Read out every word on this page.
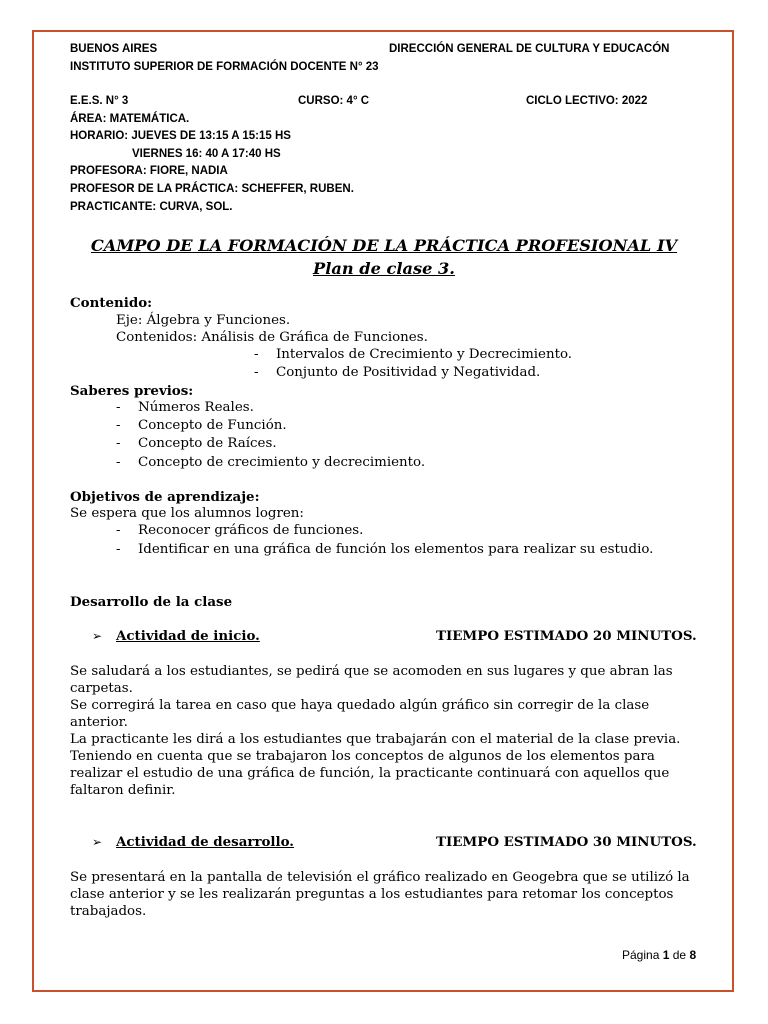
BUENOS AIRES	DIRECCIÓN GENERAL DE CULTURA Y EDUCACÓN
INSTITUTO SUPERIOR DE FORMACIÓN DOCENTE N° 23
E.E.S. N° 3	CURSO: 4° C	CICLO LECTIVO: 2022
ÁREA: MATEMÁTICA.
HORARIO: JUEVES DE 13:15 A 15:15 HS
VIERNES 16: 40 A 17:40 HS
PROFESORA: FIORE, NADIA
PROFESOR DE LA PRÁCTICA: SCHEFFER, RUBEN.
PRACTICANTE: CURVA, SOL.
CAMPO DE LA FORMACIÓN DE LA PRÁCTICA PROFESIONAL IV
Plan de clase 3.
Contenido:
Eje: Álgebra y Funciones.
Contenidos: Análisis de Gráfica de Funciones.
- Intervalos de Crecimiento y Decrecimiento.
- Conjunto de Positividad y Negatividad.
Saberes previos:
- Números Reales.
- Concepto de Función.
- Concepto de Raíces.
- Concepto de crecimiento y decrecimiento.
Objetivos de aprendizaje:
Se espera que los alumnos logren:
- Reconocer gráficos de funciones.
- Identificar en una gráfica de función los elementos para realizar su estudio.
Desarrollo de la clase
➢ Actividad de inicio.	TIEMPO ESTIMADO 20 MINUTOS.
Se saludará a los estudiantes, se pedirá que se acomoden en sus lugares y que abran las
carpetas.
Se corregirá la tarea en caso que haya quedado algún gráfico sin corregir de la clase
anterior.
La practicante les dirá a los estudiantes que trabajarán con el material de la clase previa.
Teniendo en cuenta que se trabajaron los conceptos de algunos de los elementos para
realizar el estudio de una gráfica de función, la practicante continuará con aquellos que
faltaron definir.
➢ Actividad de desarrollo.	TIEMPO ESTIMADO 30 MINUTOS.
Se presentará en la pantalla de televisión el gráfico realizado en Geogebra que se utilizó la
clase anterior y se les realizarán preguntas a los estudiantes para retomar los conceptos
trabajados.
Página 1 de 8
